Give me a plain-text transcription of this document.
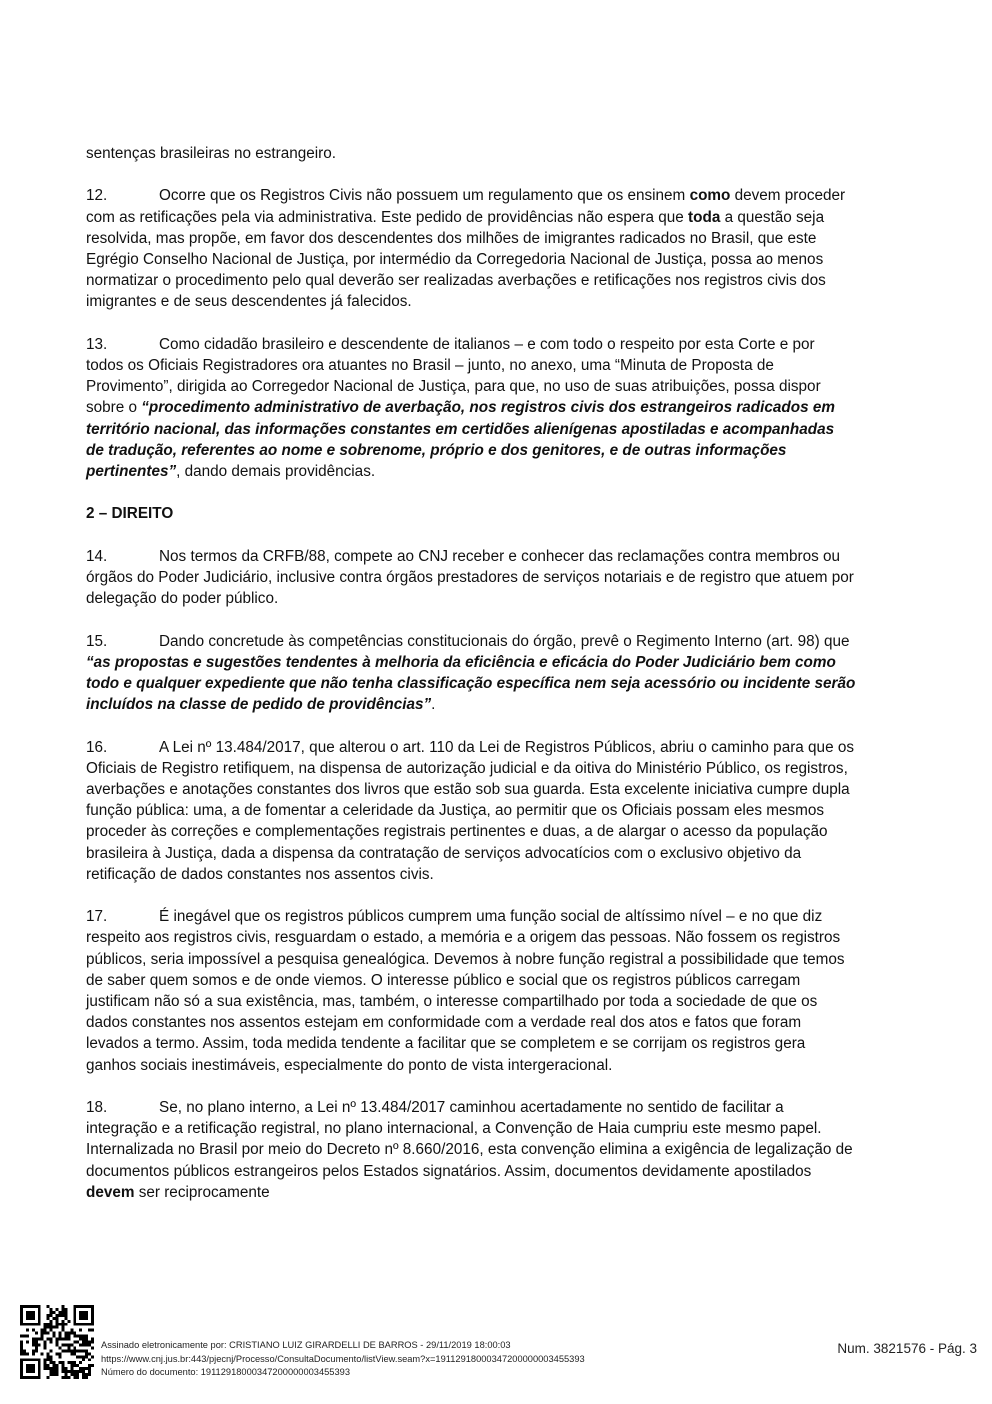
sentenças brasileiras no estrangeiro.

12.	Ocorre que os Registros Civis não possuem um regulamento que os ensinem como devem proceder com as retificações pela via administrativa. Este pedido de providências não espera que toda a questão seja resolvida, mas propõe, em favor dos descendentes dos milhões de imigrantes radicados no Brasil, que este Egrégio Conselho Nacional de Justiça, por intermédio da Corregedoria Nacional de Justiça, possa ao menos normatizar o procedimento pelo qual deverão ser realizadas averbações e retificações nos registros civis dos imigrantes e de seus descendentes já falecidos.

13.	Como cidadão brasileiro e descendente de italianos – e com todo o respeito por esta Corte e por todos os Oficiais Registradores ora atuantes no Brasil – junto, no anexo, uma “Minuta de Proposta de Provimento”, dirigida ao Corregedor Nacional de Justiça, para que, no uso de suas atribuições, possa dispor sobre o “procedimento administrativo de averbação, nos registros civis dos estrangeiros radicados em território nacional, das informações constantes em certidões alienígenas apostiladas e acompanhadas de tradução, referentes ao nome e sobrenome, próprio e dos genitores, e de outras informações pertinentes”, dando demais providências.

2 – DIREITO

14.	Nos termos da CRFB/88, compete ao CNJ receber e conhecer das reclamações contra membros ou órgãos do Poder Judiciário, inclusive contra órgãos prestadores de serviços notariais e de registro que atuem por delegação do poder público.

15.	Dando concretude às competências constitucionais do órgão, prevê o Regimento Interno (art. 98) que “as propostas e sugestões tendentes à melhoria da eficiência e eficácia do Poder Judiciário bem como todo e qualquer expediente que não tenha classificação específica nem seja acessório ou incidente serão incluídos na classe de pedido de providências”.

16.	A Lei nº 13.484/2017, que alterou o art. 110 da Lei de Registros Públicos, abriu o caminho para que os Oficiais de Registro retifiquem, na dispensa de autorização judicial e da oitiva do Ministério Público, os registros, averbações e anotações constantes dos livros que estão sob sua guarda. Esta excelente iniciativa cumpre dupla função pública: uma, a de fomentar a celeridade da Justiça, ao permitir que os Oficiais possam eles mesmos proceder às correções e complementações registrais pertinentes e duas, a de alargar o acesso da população brasileira à Justiça, dada a dispensa da contratação de serviços advocatícios com o exclusivo objetivo da retificação de dados constantes nos assentos civis.

17.	É inegável que os registros públicos cumprem uma função social de altíssimo nível – e no que diz respeito aos registros civis, resguardam o estado, a memória e a origem das pessoas. Não fossem os registros públicos, seria impossível a pesquisa genealógica. Devemos à nobre função registral a possibilidade que temos de saber quem somos e de onde viemos. O interesse público e social que os registros públicos carregam justificam não só a sua existência, mas, também, o interesse compartilhado por toda a sociedade de que os dados constantes nos assentos estejam em conformidade com a verdade real dos atos e fatos que foram levados a termo. Assim, toda medida tendente a facilitar que se completem e se corrijam os registros gera ganhos sociais inestimáveis, especialmente do ponto de vista intergeracional.

18.	Se, no plano interno, a Lei nº 13.484/2017 caminhou acertadamente no sentido de facilitar a integração e a retificação registral, no plano internacional, a Convenção de Haia cumpriu este mesmo papel. Internalizada no Brasil por meio do Decreto nº 8.660/2016, esta convenção elimina a exigência de legalização de documentos públicos estrangeiros pelos Estados signatários. Assim, documentos devidamente apostilados devem ser reciprocamente

Assinado eletronicamente por: CRISTIANO LUIZ GIRARDELLI DE BARROS - 29/11/2019 18:00:03
https://www.cnj.jus.br:443/pjecnj/Processo/ConsultaDocumento/listView.seam?x=19112918000347200000003455393
Número do documento: 19112918000347200000003455393
Num. 3821576 - Pág. 3
